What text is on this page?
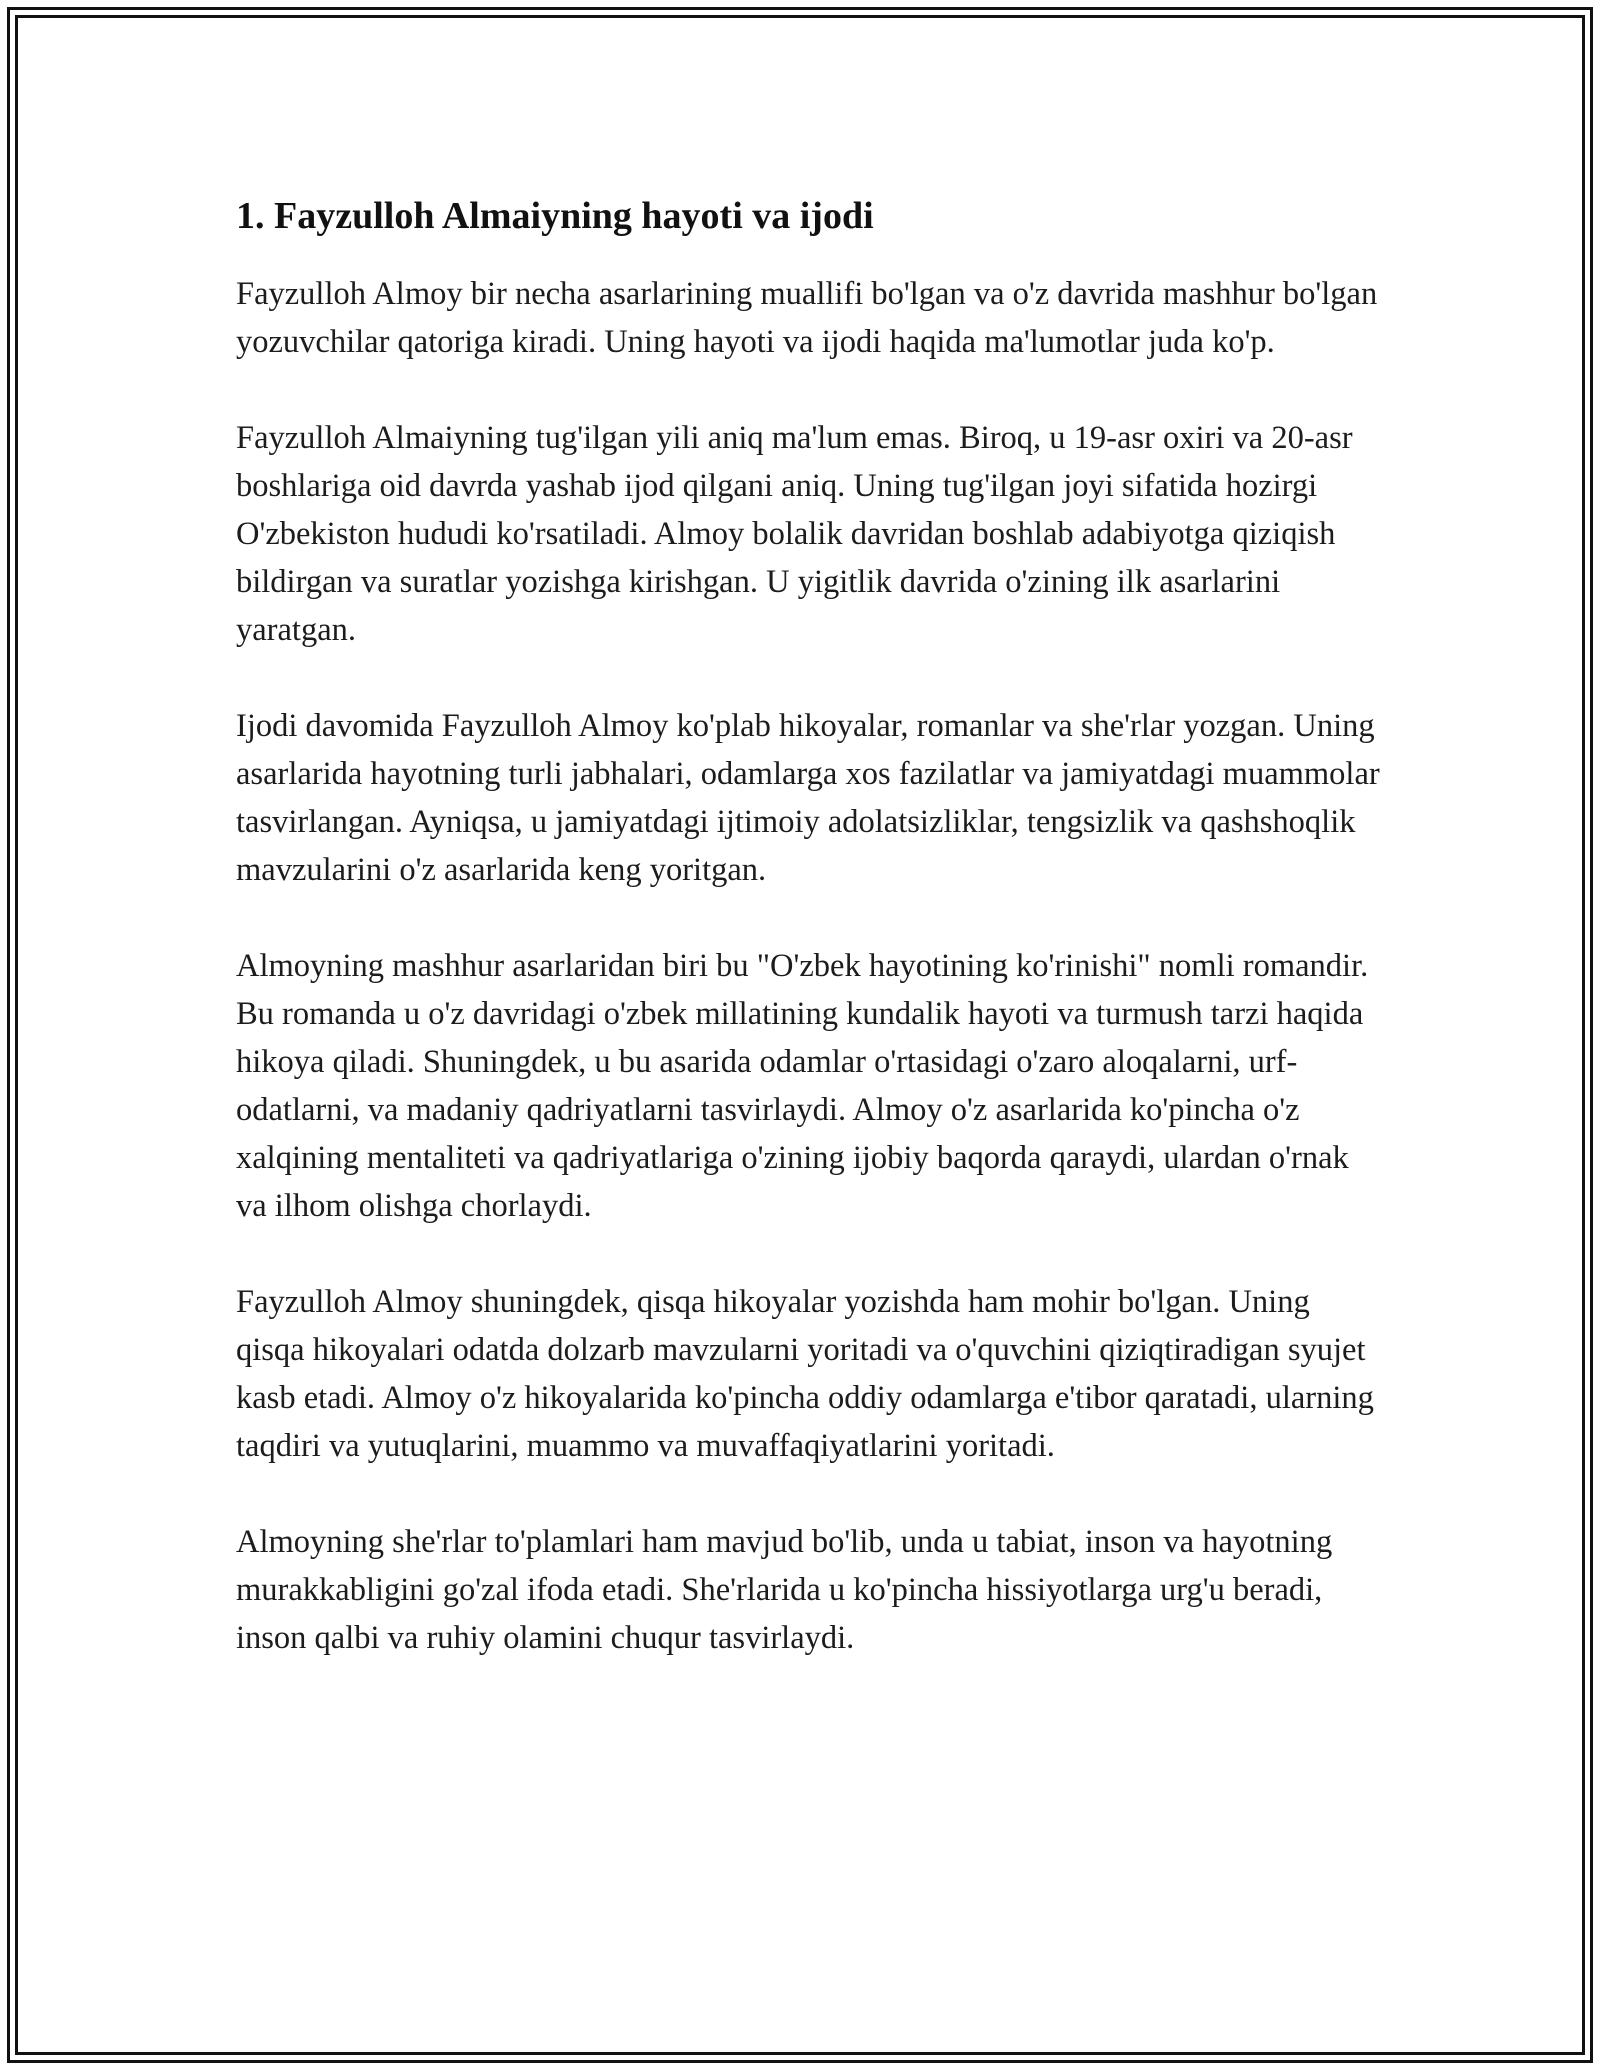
1. Fayzulloh Almaiyning hayoti va ijodi

Fayzulloh Almoy bir necha asarlarining muallifi bo'lgan va o'z davrida mashhur bo'lgan yozuvchilar qatoriga kiradi. Uning hayoti va ijodi haqida ma'lumotlar juda ko'p.

Fayzulloh Almaiyning tug'ilgan yili aniq ma'lum emas. Biroq, u 19-asr oxiri va 20-asr boshlariga oid davrda yashab ijod qilgani aniq. Uning tug'ilgan joyi sifatida hozirgi O'zbekiston hududi ko'rsatiladi. Almoy bolalik davridan boshlab adabiyotga qiziqish bildirgan va suratlar yozishga kirishgan. U yigitlik davrida o'zining ilk asarlarini yaratgan.

Ijodi davomida Fayzulloh Almoy ko'plab hikoyalar, romanlar va she'rlar yozgan. Uning asarlarida hayotning turli jabhalari, odamlarga xos fazilatlar va jamiyatdagi muammolar tasvirlangan. Ayniqsa, u jamiyatdagi ijtimoiy adolatsizliklar, tengsizlik va qashshoqlik mavzularini o'z asarlarida keng yoritgan.

Almoyning mashhur asarlaridan biri bu "O'zbek hayotining ko'rinishi" nomli romandir. Bu romanda u o'z davridagi o'zbek millatining kundalik hayoti va turmush tarzi haqida hikoya qiladi. Shuningdek, u bu asarida odamlar o'rtasidagi o'zaro aloqalarni, urf-odatlarni, va madaniy qadriyatlarni tasvirlaydi. Almoy o'z asarlarida ko'pincha o'z xalqining mentaliteti va qadriyatlariga o'zining ijobiy baqorda qaraydi, ulardan o'rnak va ilhom olishga chorlaydi.

Fayzulloh Almoy shuningdek, qisqa hikoyalar yozishda ham mohir bo'lgan. Uning qisqa hikoyalari odatda dolzarb mavzularni yoritadi va o'quvchini qiziqtiradigan syujet kasb etadi. Almoy o'z hikoyalarida ko'pincha oddiy odamlarga e'tibor qaratadi, ularning taqdiri va yutuqlarini, muammo va muvaffaqiyatlarini yoritadi.

Almoyning she'rlar to'plamlari ham mavjud bo'lib, unda u tabiat, inson va hayotning murakkabligini go'zal ifoda etadi. She'rlarida u ko'pincha hissiyotlarga urg'u beradi, inson qalbi va ruhiy olamini chuqur tasvirlaydi.
